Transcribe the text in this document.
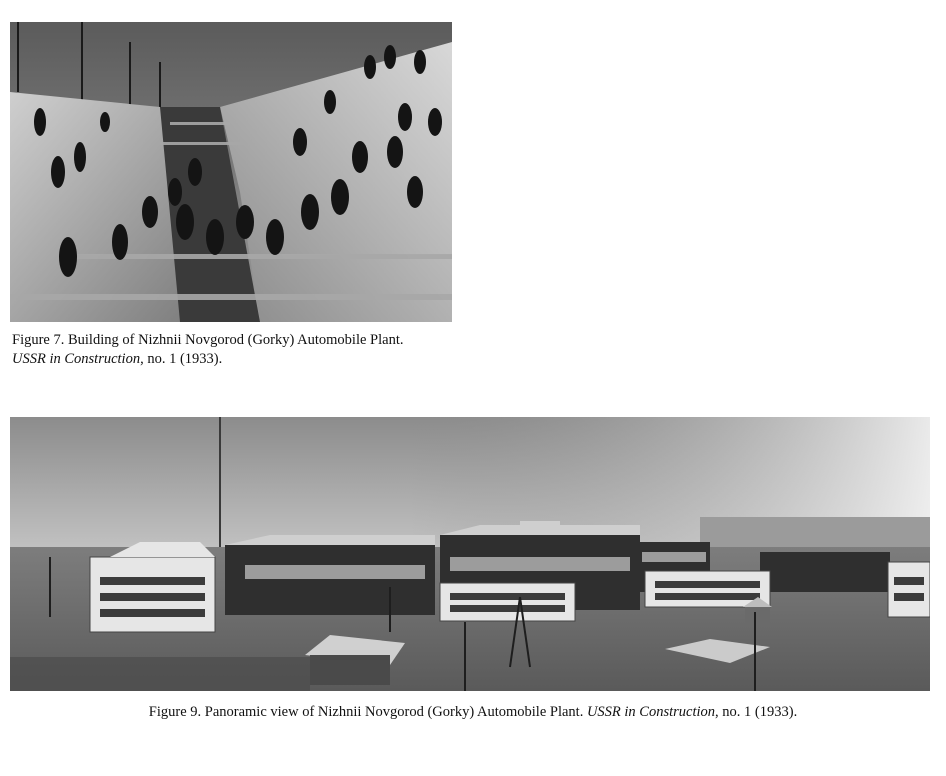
Figure 7. Building of Nizhnii Novgorod (Gorky) Automobile Plant.
USSR in Construction, no. 1 (1933).

Figure 9. Panoramic view of Nizhnii Novgorod (Gorky) Automobile Plant. USSR in Construction, no. 1 (1933).
